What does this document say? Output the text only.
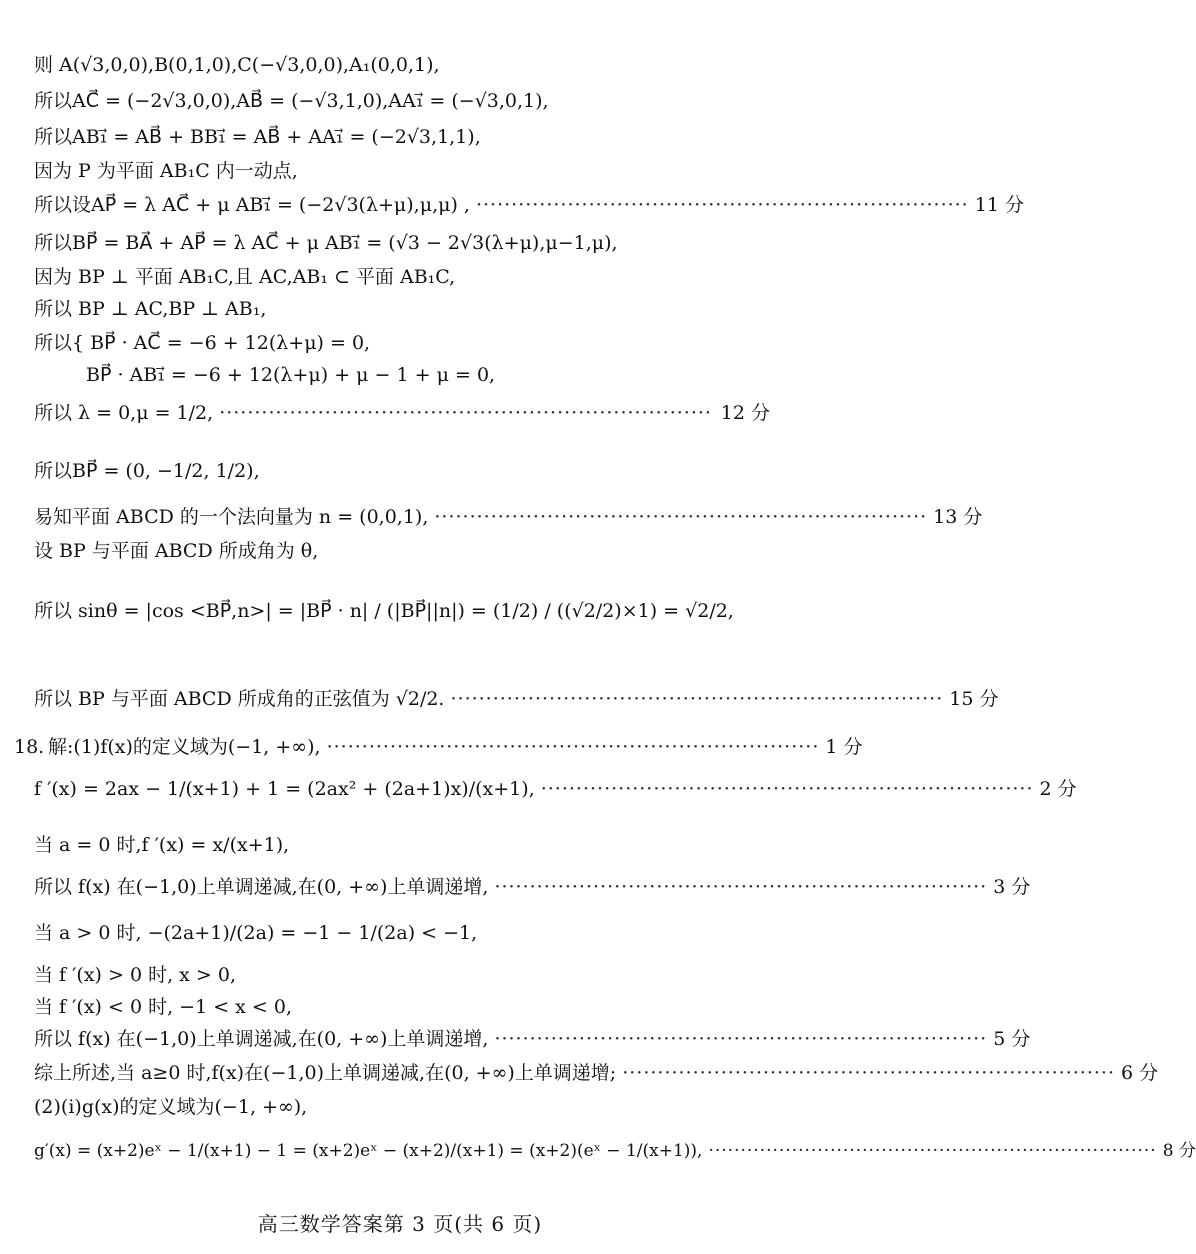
则 A(√3,0,0),B(0,1,0),C(−√3,0,0),A₁(0,0,1),
所以AC⃗ = (−2√3,0,0),AB⃗ = (−√3,1,0),AA₁⃗ = (−√3,0,1),
所以AB₁⃗ = AB⃗ + BB₁⃗ = AB⃗ + AA₁⃗ = (−2√3,1,1),
因为 P 为平面 AB₁C 内一动点,
所以设AP⃗ = λ AC⃗ + μ AB₁⃗ = (−2√3(λ+μ),μ,μ) , ······································································ 11 分
所以BP⃗ = BA⃗ + AP⃗ = λ AC⃗ + μ AB₁⃗ = (√3 − 2√3(λ+μ),μ−1,μ),
因为 BP ⊥ 平面 AB₁C,且 AC,AB₁ ⊂ 平面 AB₁C,
所以 BP ⊥ AC,BP ⊥ AB₁,
所以{ BP⃗ · AC⃗ = −6 + 12(λ+μ) = 0,
BP⃗ · AB₁⃗ = −6 + 12(λ+μ) + μ − 1 + μ = 0,
所以 λ = 0,μ = 1/2, ······································································ 12 分
所以BP⃗ = (0, −1/2, 1/2),
易知平面 ABCD 的一个法向量为 n = (0,0,1), ······································································ 13 分
设 BP 与平面 ABCD 所成角为 θ,
所以 sinθ = |cos <BP⃗,n>| = |BP⃗ · n| / (|BP⃗||n|) = (1/2) / ((√2/2)×1) = √2/2,
所以 BP 与平面 ABCD 所成角的正弦值为 √2/2. ······································································ 15 分
18. 解:(1)f(x)的定义域为(−1, +∞), ······································································ 1 分
f ′(x) = 2ax − 1/(x+1) + 1 = (2ax² + (2a+1)x)/(x+1), ······································································ 2 分
当 a = 0 时,f ′(x) = x/(x+1),
所以 f(x) 在(−1,0)上单调递减,在(0, +∞)上单调递增, ······································································ 3 分
当 a > 0 时, −(2a+1)/(2a) = −1 − 1/(2a) < −1,
当 f ′(x) > 0 时, x > 0,
当 f ′(x) < 0 时, −1 < x < 0,
所以 f(x) 在(−1,0)上单调递减,在(0, +∞)上单调递增, ······································································ 5 分
综上所述,当 a≥0 时,f(x)在(−1,0)上单调递减,在(0, +∞)上单调递增; ······································································ 6 分
(2)(ⅰ)g(x)的定义域为(−1, +∞),
g′(x) = (x+2)eˣ − 1/(x+1) − 1 = (x+2)eˣ − (x+2)/(x+1) = (x+2)(eˣ − 1/(x+1)), ······································································ 8 分
高三数学答案第 3 页(共 6 页)
